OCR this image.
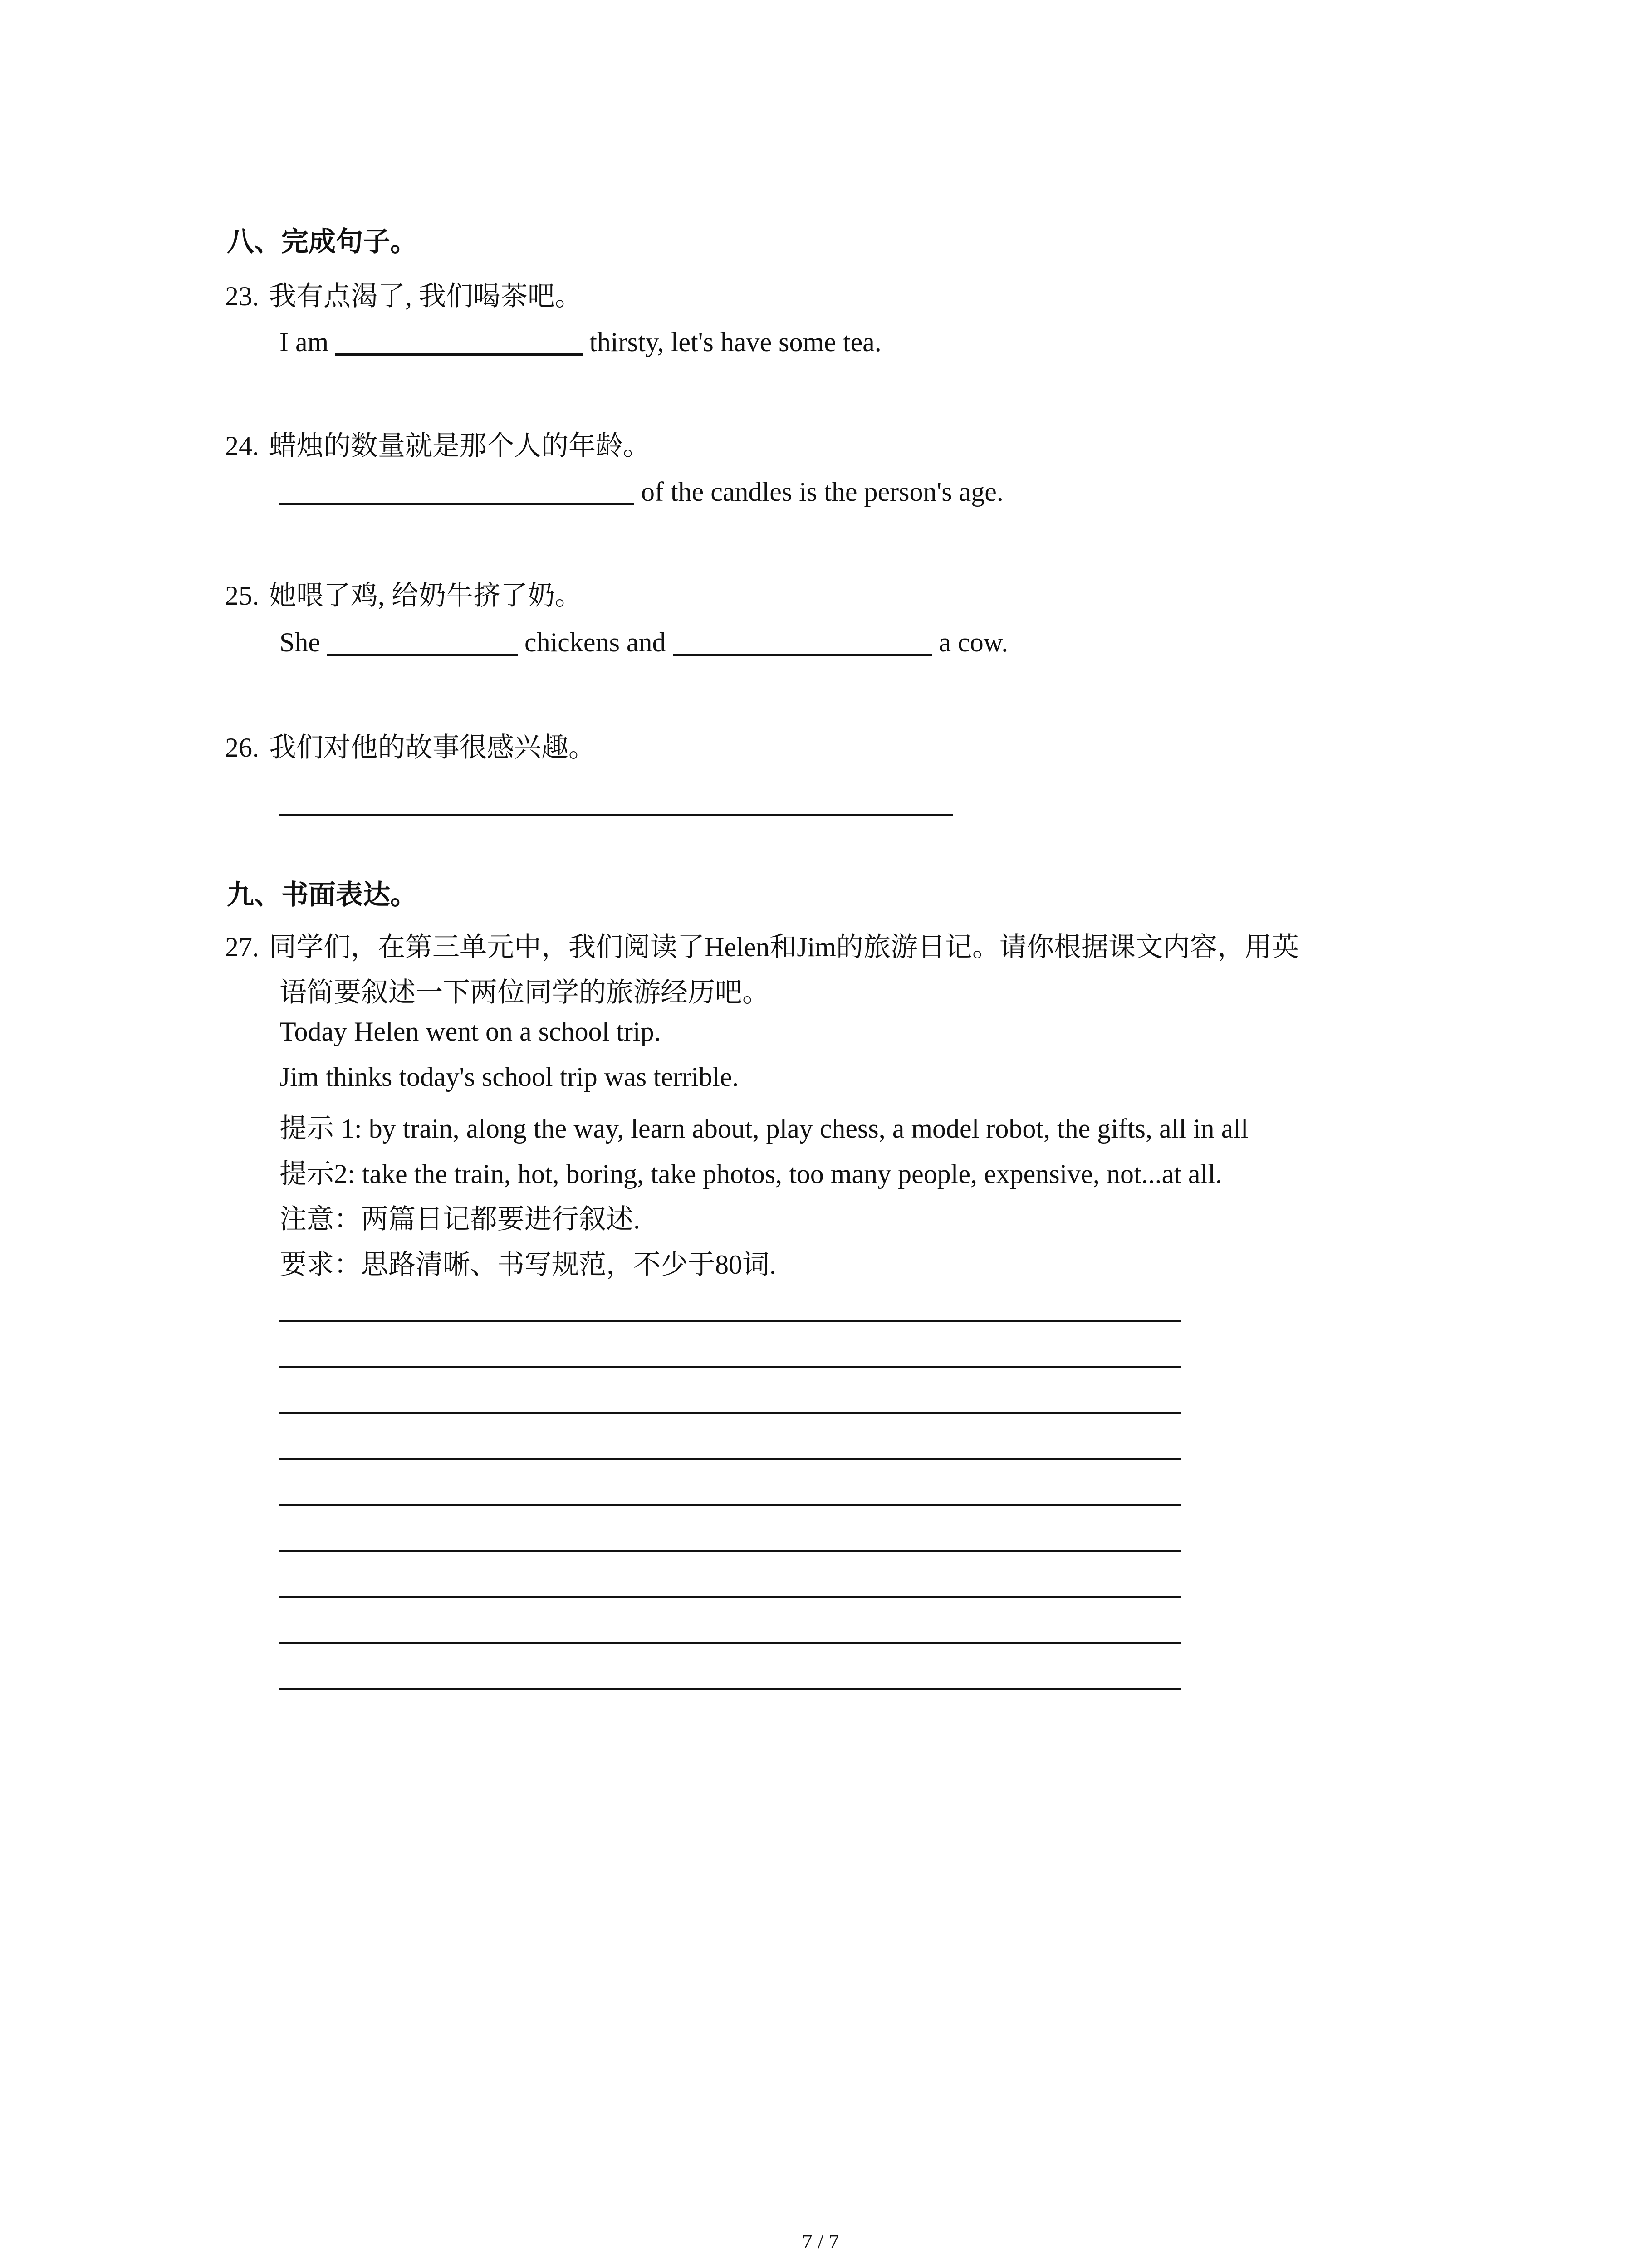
八、完成句子。
23. 我有点渴了, 我们喝茶吧。
I am	thirsty, let's have some tea.
24. 蜡烛的数量就是那个人的年龄。
of the candles is the person's age.
25. 她喂了鸡, 给奶牛挤了奶。
She	chickens and	a cow.
26. 我们对他的故事很感兴趣。
九、书面表达。
27. 同学们，在第三单元中，我们阅读了Helen和Jim的旅游日记。请你根据课文内容，用英
语简要叙述一下两位同学的旅游经历吧。
Today Helen went on a school trip.
Jim thinks today's school trip was terrible.
提示 1: by train, along the way, learn about, play chess, a model robot, the gifts, all in all
提示2: take the train, hot, boring, take photos, too many people, expensive, not...at all.
注意：两篇日记都要进行叙述.
要求：思路清晰、书写规范，不少于80词.
7 / 7
